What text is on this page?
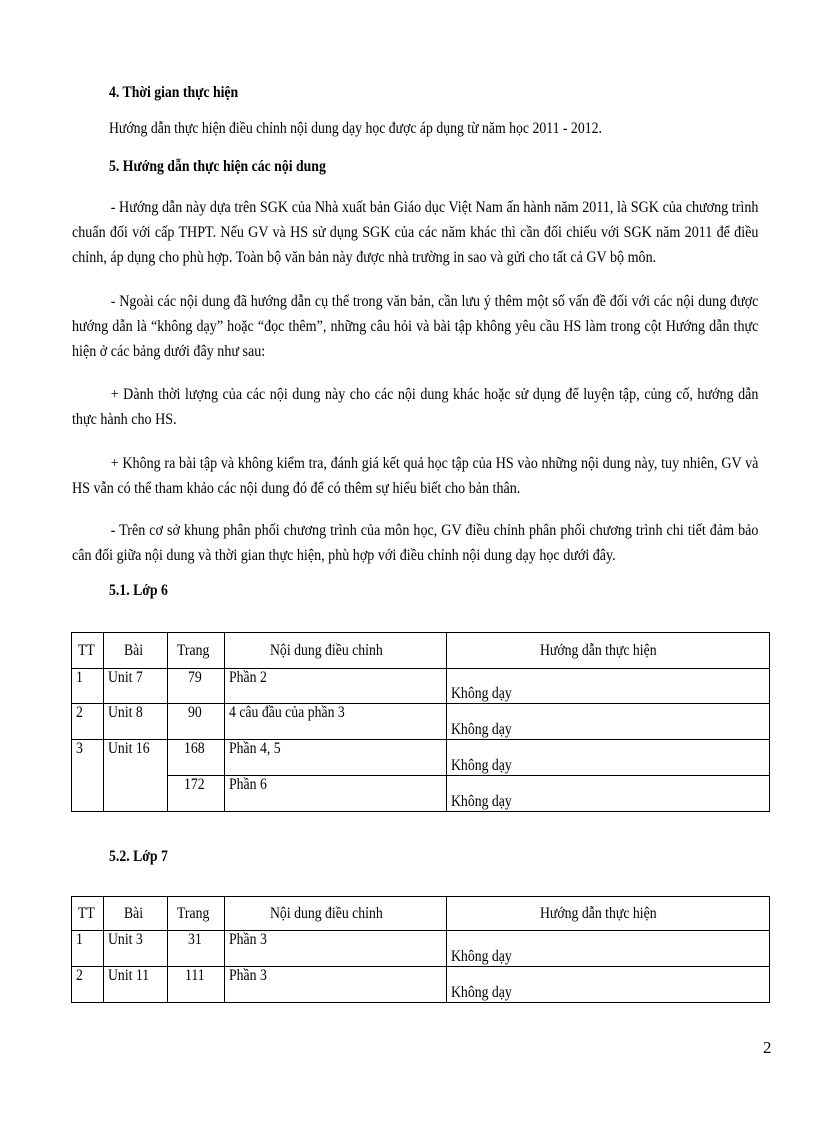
4. Thời gian thực hiện
Hướng dẫn thực hiện điều chỉnh nội dung dạy học được áp dụng từ năm học 2011 - 2012.
5. Hướng dẫn thực hiện các nội dung
- Hướng dẫn này dựa trên SGK của Nhà xuất bản Giáo dục Việt Nam ấn hành năm 2011, là SGK của chương trình chuẩn đối với cấp THPT. Nếu GV và HS sử dụng SGK của các năm khác thì cần đối chiếu với SGK năm 2011 để điều chỉnh, áp dụng cho phù hợp. Toàn bộ văn bản này được nhà trường in sao và gửi cho tất cả GV bộ môn.
- Ngoài các nội dung đã hướng dẫn cụ thể trong văn bản, cần lưu ý thêm một số vấn đề đối với các nội dung được hướng dẫn là “không dạy” hoặc “đọc thêm”, những câu hỏi và bài tập không yêu cầu HS làm trong cột Hướng dẫn thực hiện ở các bảng dưới đây như sau:
+ Dành thời lượng của các nội dung này cho các nội dung khác hoặc sử dụng để luyện tập, củng cố, hướng dẫn thực hành cho HS.
+ Không ra bài tập và không kiểm tra, đánh giá kết quả học tập của HS vào những nội dung này, tuy nhiên, GV và HS vẫn có thể tham khảo các nội dung đó để có thêm sự hiểu biết cho bản thân.
- Trên cơ sở khung phân phối chương trình của môn học, GV điều chỉnh phân phối chương trình chi tiết đảm bảo cân đối giữa nội dung và thời gian thực hiện, phù hợp với điều chỉnh nội dung dạy học dưới đây.
5.1. Lớp 6
TT	Bài	Trang	Nội dung điều chỉnh	Hướng dẫn thực hiện
1	Unit 7	79	Phần 2	Không dạy
2	Unit 8	90	4 câu đầu của phần 3	Không dạy
3	Unit 16	168	Phần 4, 5	Không dạy
		172	Phần 6	Không dạy
5.2. Lớp 7
TT	Bài	Trang	Nội dung điều chỉnh	Hướng dẫn thực hiện
1	Unit 3	31	Phần 3	Không dạy
2	Unit 11	111	Phần 3	Không dạy
2
